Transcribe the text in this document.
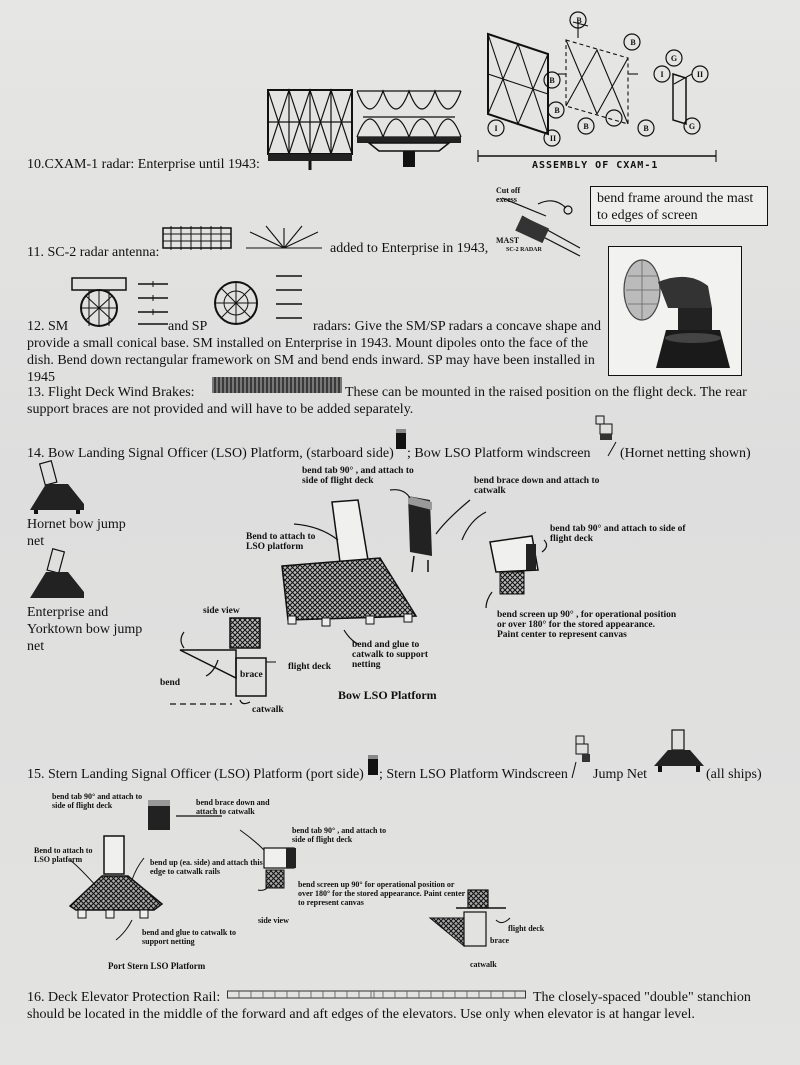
10.CXAM-1 radar: Enterprise until 1943:
B
B
B
B
B	B
G
G
I
II
I	II
ASSEMBLY OF CXAM-1
11. SC-2 radar antenna:	added to Enterprise in 1943,
Cut off excess
MAST
SC-2 RADAR
bend frame around the mast to edges of screen
12. SM	and SP	radars: Give the SM/SP radars a concave shape and provide a small conical base. SM installed on Enterprise in 1943. Mount dipoles onto the face of the dish. Bend down rectangular framework on SM and bend ends inward. SP may have been installed in 1945
13. Flight Deck Wind Brakes:	These can be mounted in the raised position on the flight deck. The rear support braces are not provided and will have to be added separately.
14. Bow Landing Signal Officer (LSO) Platform, (starboard side) ; Bow LSO Platform windscreen (Hornet netting shown)
Hornet bow jump net
Enterprise and Yorktown bow jump net
Bend to attach to LSO platform
bend tab 90° , and attach to side of flight deck	bend brace down and attach to catwalk
bend tab 90° and attach to side of flight deck
bend screen up 90° , for operational position or over 180° for the stored appearance. Paint center to represent canvas
bend and glue to catwalk to support netting
side view
flight deck
brace
bend
catwalk
Bow LSO Platform
15. Stern Landing Signal Officer (LSO) Platform (port side) ; Stern LSO Platform Windscreen Jump Net	(all ships)
bend tab 90° and attach to side of flight deck	bend brace down and attach to catwalk
bend tab 90° , and attach to side of flight deck
Bend to attach to LSO platform	bend up (ea. side) and attach this edge to catwalk rails
bend screen up 90° for operational position or over 180° for the stored appearance. Paint center to represent canvas
side view
bend and glue to catwalk to support netting
flight deck
brace
catwalk
Port Stern LSO Platform
16. Deck Elevator Protection Rail:	The closely-spaced "double" stanchion should be located in the middle of the forward and aft edges of the elevators. Use only when elevator is at hangar level.
